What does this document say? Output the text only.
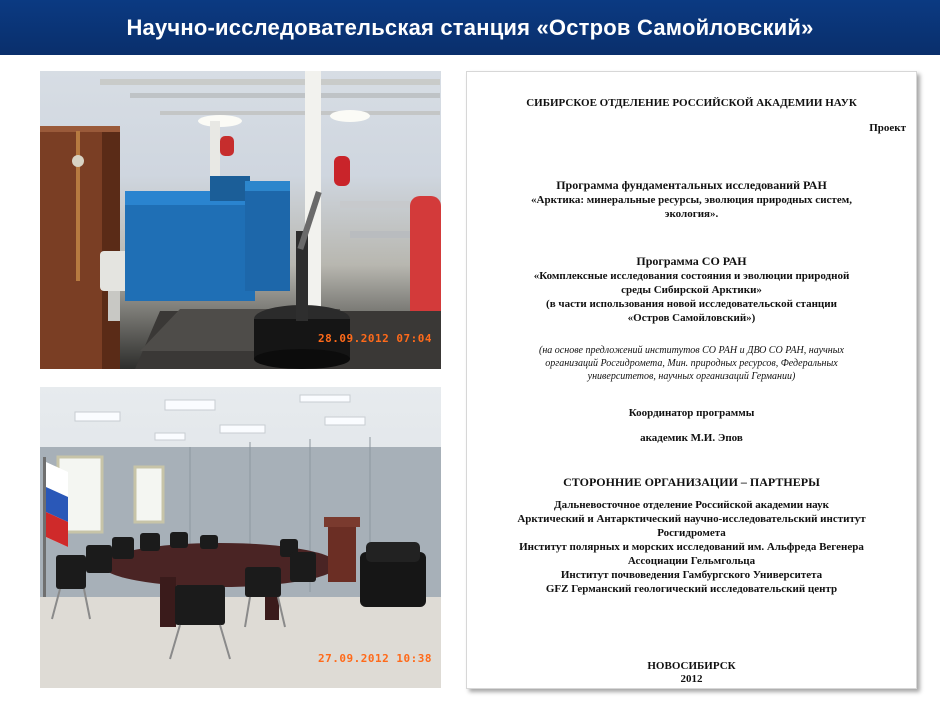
Научно-исследовательская станция «Остров Самойловский»
28.09.2012 07:04
27.09.2012 10:38
СИБИРСКОЕ ОТДЕЛЕНИЕ РОССИЙСКОЙ АКАДЕМИИ НАУК
Проект
Программа фундаментальных исследований РАН
«Арктика: минеральные ресурсы, эволюция природных систем,
экология».
Программа СО РАН
«Комплексные исследования состояния и эволюции природной
среды Сибирской Арктики»
(в части использования новой исследовательской станции
«Остров Самойловский»)
(на основе предложений институтов СО РАН и ДВО СО РАН, научных
организаций Росгидромета, Мин. природных ресурсов, Федеральных
университетов, научных организаций Германии)
Координатор программы
академик М.И. Эпов
СТОРОННИЕ ОРГАНИЗАЦИИ – ПАРТНЕРЫ
Дальневосточное отделение Российской академии наук
Арктический и Антарктический научно-исследовательский институт
Росгидромета
Институт полярных и морских исследований им. Альфреда Вегенера
Ассоциации Гельмгольца
Институт почвоведения Гамбургского Университета
GFZ Германский геологический исследовательский центр
НОВОСИБИРСК
2012
